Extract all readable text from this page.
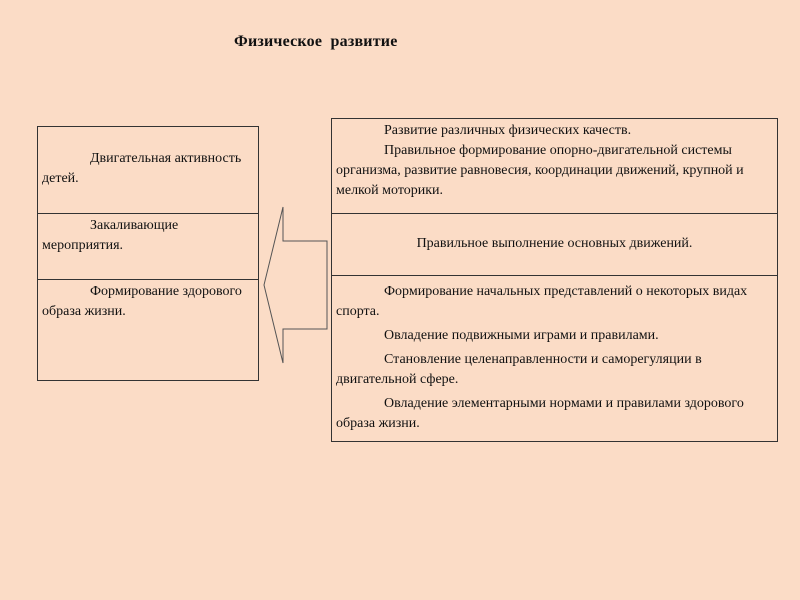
Физическое  развитие

Двигательная активность детей.

Закаливающие мероприятия.

Формирование здорового образа жизни.

Развитие различных физических качеств.

Правильное формирование опорно-двигательной системы организма, развитие равновесия, координации движений, крупной и мелкой моторики.

Правильное выполнение основных движений.

Формирование начальных представлений о некоторых видах спорта.

Овладение подвижными играми и правилами.

Становление целенаправленности и саморегуляции в двигательной сфере.

Овладение элементарными нормами и правилами здорового образа жизни.
